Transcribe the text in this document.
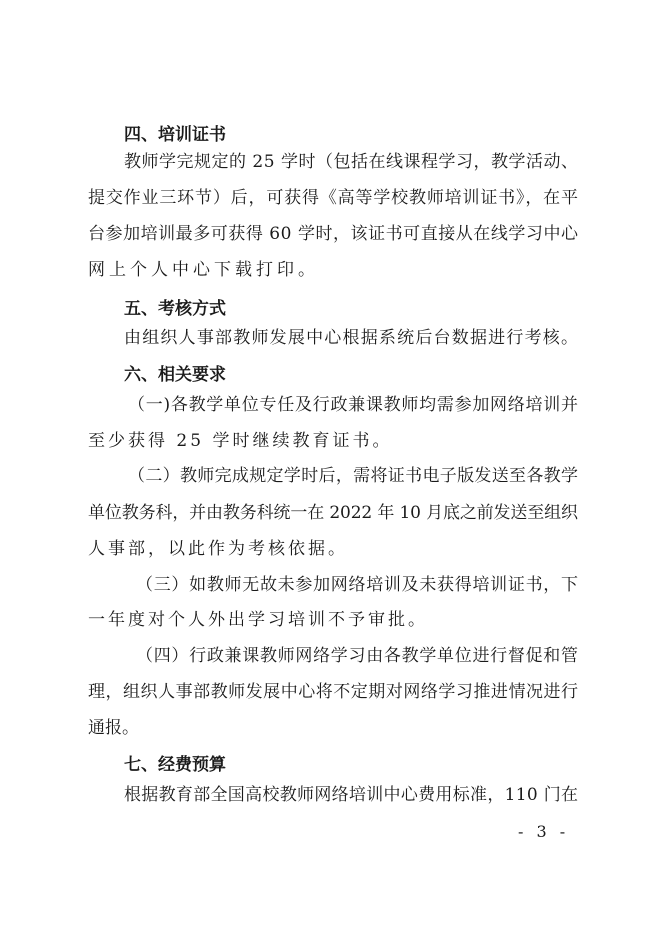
四、培训证书
教师学完规定的 25 学时（包括在线课程学习，教学活动、
提交作业三环节）后，可获得《高等学校教师培训证书》，在平
台参加培训最多可获得 60 学时，该证书可直接从在线学习中心
网上个人中心下载打印。
五、考核方式
由组织人事部教师发展中心根据系统后台数据进行考核。
六、相关要求
（一)各教学单位专任及行政兼课教师均需参加网络培训并
至少获得 25 学时继续教育证书。
（二）教师完成规定学时后，需将证书电子版发送至各教学
单位教务科，并由教务科统一在 2022 年 10 月底之前发送至组织
人事部，以此作为考核依据。
（三）如教师无故未参加网络培训及未获得培训证书，下
一年度对个人外出学习培训不予审批。
（四）行政兼课教师网络学习由各教学单位进行督促和管
理，组织人事部教师发展中心将不定期对网络学习推进情况进行
通报。
七、经费预算
根据教育部全国高校教师网络培训中心费用标准，110 门在
- 3 -
